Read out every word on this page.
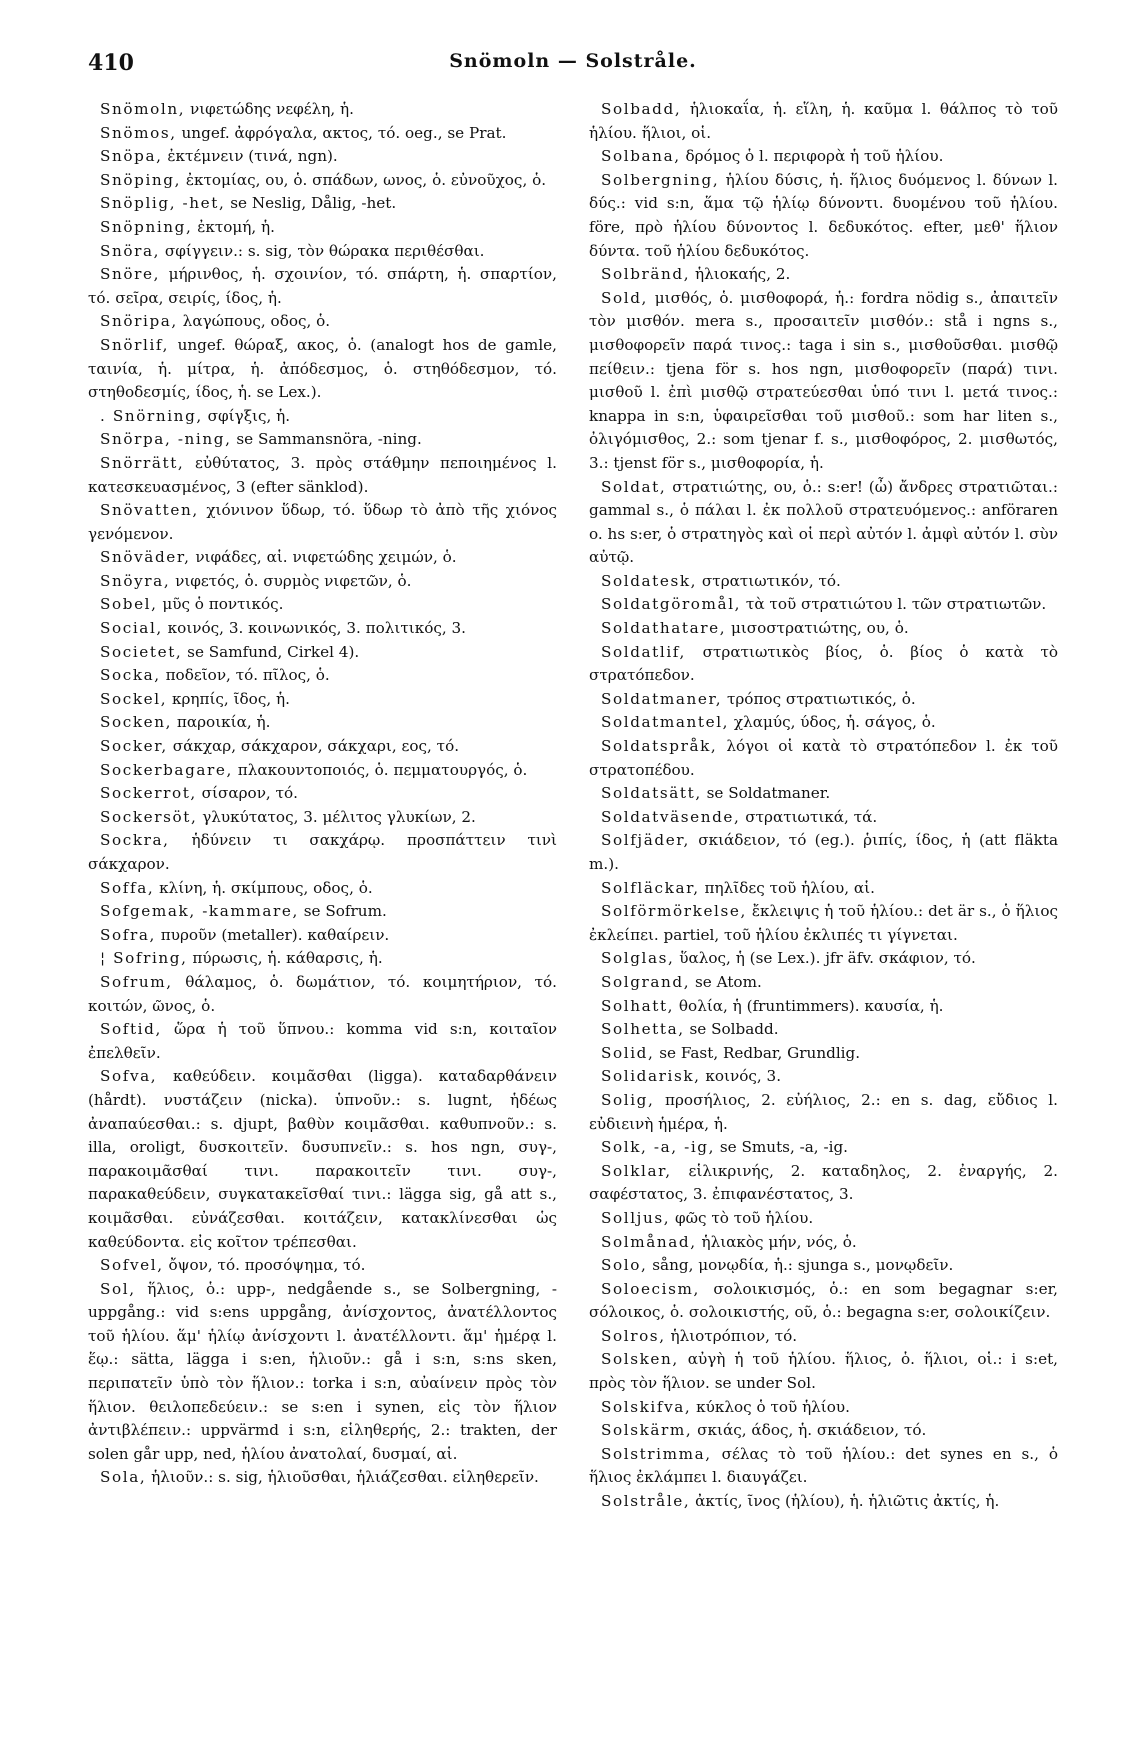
410	Snömoln — Solstråle.

Snömoln, νιφετώδης νεφέλη, ἡ.

Snömos, ungef. ἀφρόγαλα, ακτος, τό. oeg., se Prat.

Snöpa, ἐκτέμνειν (τινά, ngn).

Snöping, ἐκτομίας, ου, ὁ. σπάδων, ωνος, ὁ. εὐνοῦχος, ὁ.

Snöplig, -het, se Neslig, Dålig, -het.

Snöpning, ἐκτομή, ἡ.

Snöra, σφίγγειν.: s. sig, τὸν θώρακα περιθέσθαι.

Snöre, μήρινθος, ἡ. σχοινίον, τό. σπάρτη, ἡ. σπαρτίον, τό. σεῖρα, σειρίς, ίδος, ἡ.

Snöripa, λαγώπους, οδος, ὁ.

Snörlif, ungef. θώραξ, ακος, ὁ. (analogt hos de gamle, ταινία, ἡ. μίτρα, ἡ. ἀπόδεσμος, ὁ. στηθόδεσμον, τό. στηθοδεσμίς, ίδος, ἡ. se Lex.).

. Snörning, σφίγξις, ἡ.

Snörpa, -ning, se Sammansnöra, -ning.

Snörrätt, εὐθύτατος, 3. πρὸς στάθμην πεποιημένος l. κατεσκευασμένος, 3 (efter sänklod).

Snövatten, χιόνινον ὕδωρ, τό. ὕδωρ τὸ ἀπὸ τῆς χιόνος γενόμενον.

Snöväder, νιφάδες, αἱ. νιφετώδης χειμών, ὁ.

Snöyra, νιφετός, ὁ. συρμὸς νιφετῶν, ὁ.

Sobel, μῦς ὁ ποντικός.

Social, κοινός, 3. κοινωνικός, 3. πολιτικός, 3.

Societet, se Samfund, Cirkel 4).

Socka, ποδεῖον, τό. πῖλος, ὁ.

Sockel, κρηπίς, ῖδος, ἡ.

Socken, παροικία, ἡ.

Socker, σάκχαρ, σάκχαρον, σάκχαρι, εος, τό.

Sockerbagare, πλακουντοποιός, ὁ. πεμματουργός, ὁ.

Sockerrot, σίσαρον, τό.

Sockersöt, γλυκύτατος, 3. μέλιτος γλυκίων, 2.

Sockra, ἡδύνειν τι σακχάρῳ. προσπάττειν τινὶ σάκχαρον.

Soffa, κλίνη, ἡ. σκίμπους, οδος, ὁ.

Sofgemak, -kammare, se Sofrum.

Sofra, πυροῦν (metaller). καθαίρειν.

¦ Sofring, πύρωσις, ἡ. κάθαρσις, ἡ.

Sofrum, θάλαμος, ὁ. δωμάτιον, τό. κοιμητήριον, τό. κοιτών, ῶνος, ὁ.

Softid, ὥρα ἡ τοῦ ὕπνου.: komma vid s:n, κοιταῖον ἐπελθεῖν.

Sofva, καθεύδειν. κοιμᾶσθαι (ligga). καταδαρθάνειν (hårdt). νυστάζειν (nicka). ὑπνοῦν.: s. lugnt, ἡδέως ἀναπαύεσθαι.: s. djupt, βαθὺν κοιμᾶσθαι. καθυπνοῦν.: s. illa, oroligt, δυσκοιτεῖν. δυσυπνεῖν.: s. hos ngn, συγ-, παρακοιμᾶσθαί τινι. παρακοιτεῖν τινι. συγ-, παρακαθεύδειν, συγκατακεῖσθαί τινι.: lägga sig, gå att s., κοιμᾶσθαι. εὐνάζεσθαι. κοιτάζειν, κατακλίνεσθαι ὡς καθεύδοντα. εἰς κοῖτον τρέπεσθαι.

Sofvel, ὄψον, τό. προσόψημα, τό.

Sol, ἥλιος, ὁ.: upp-, nedgående s., se Solbergning, -uppgång.: vid s:ens uppgång, ἀνίσχοντος, ἀνατέλλοντος τοῦ ἡλίου. ἅμ' ἡλίῳ ἀνίσχοντι l. ἀνατέλλοντι. ἅμ' ἡμέρᾳ l. ἕῳ.: sätta, lägga i s:en, ἡλιοῦν.: gå i s:n, s:ns sken, περιπατεῖν ὑπὸ τὸν ἥλιον.: torka i s:n, αὐαίνειν πρὸς τὸν ἥλιον. θειλοπεδεύειν.: se s:en i synen, εἰς τὸν ἥλιον ἀντιβλέπειν.: uppvärmd i s:n, εἱληθερής, 2.: trakten, der solen går upp, ned, ἡλίου ἀνατολαί, δυσμαί, αἱ.

Sola, ἡλιοῦν.: s. sig, ἡλιοῦσθαι, ἡλιάζεσθαι. εἱληθερεῖν.

Solbadd, ἡλιοκαΐα, ἡ. εἵλη, ἡ. καῦμα l. θάλπος τὸ τοῦ ἡλίου. ἥλιοι, οἱ.

Solbana, δρόμος ὁ l. περιφορὰ ἡ τοῦ ἡλίου.

Solbergning, ἡλίου δύσις, ἡ. ἥλιος δυόμενος l. δύνων l. δύς.: vid s:n, ἅμα τῷ ἡλίῳ δύνοντι. δυομένου τοῦ ἡλίου. före, πρὸ ἡλίου δύνοντος l. δεδυκότος. efter, μεθ' ἥλιον δύντα. τοῦ ἡλίου δεδυκότος.

Solbränd, ἡλιοκαής, 2.

Sold, μισθός, ὁ. μισθοφορά, ἡ.: fordra nödig s., ἀπαιτεῖν τὸν μισθόν. mera s., προσαιτεῖν μισθόν.: stå i ngns s., μισθοφορεῖν παρά τινος.: taga i sin s., μισθοῦσθαι. μισθῷ πείθειν.: tjena för s. hos ngn, μισθοφορεῖν (παρά) τινι. μισθοῦ l. ἐπὶ μισθῷ στρατεύεσθαι ὑπό τινι l. μετά τινος.: knappa in s:n, ὑφαιρεῖσθαι τοῦ μισθοῦ.: som har liten s., ὀλιγόμισθος, 2.: som tjenar f. s., μισθοφόρος, 2. μισθωτός, 3.: tjenst för s., μισθοφορία, ἡ.

Soldat, στρατιώτης, ου, ὁ.: s:er! (ὦ) ἄνδρες στρατιῶται.: gammal s., ὁ πάλαι l. ἐκ πολλοῦ στρατευόμενος.: anföraren o. hs s:er, ὁ στρατηγὸς καὶ οἱ περὶ αὐτόν l. ἀμφὶ αὐτόν l. σὺν αὐτῷ.

Soldatesk, στρατιωτικόν, τό.

Soldatgöromål, τὰ τοῦ στρατιώτου l. τῶν στρατιωτῶν.

Soldathatare, μισοστρατιώτης, ου, ὁ.

Soldatlif, στρατιωτικὸς βίος, ὁ. βίος ὁ κατὰ τὸ στρατόπεδον.

Soldatmaner, τρόπος στρατιωτικός, ὁ.

Soldatmantel, χλαμύς, ύδος, ἡ. σάγος, ὁ.

Soldatspråk, λόγοι οἱ κατὰ τὸ στρατόπεδον l. ἐκ τοῦ στρατοπέδου.

Soldatsätt, se Soldatmaner.

Soldatväsende, στρατιωτικά, τά.

Solfjäder, σκιάδειον, τό (eg.). ῥιπίς, ίδος, ἡ (att fläkta m.).

Solfläckar, πηλῖδες τοῦ ἡλίου, αἱ.

Solförmörkelse, ἔκλειψις ἡ τοῦ ἡλίου.: det är s., ὁ ἥλιος ἐκλείπει. partiel, τοῦ ἡλίου ἐκλιπές τι γίγνεται.

Solglas, ὕαλος, ἡ (se Lex.). jfr äfv. σκάφιον, τό.

Solgrand, se Atom.

Solhatt, θολία, ἡ (fruntimmers). καυσία, ἡ.

Solhetta, se Solbadd.

Solid, se Fast, Redbar, Grundlig.

Solidarisk, κοινός, 3.

Solig, προσήλιος, 2. εὐήλιος, 2.: en s. dag, εὔδιος l. εὐδιεινὴ ἡμέρα, ἡ.

Solk, -a, -ig, se Smuts, -a, -ig.

Solklar, εἱλικρινής, 2. καταδηλος, 2. ἐναργής, 2. σαφέστατος, 3. ἐπιφανέστατος, 3.

Solljus, φῶς τὸ τοῦ ἡλίου.

Solmånad, ἡλιακὸς μήν, νός, ὁ.

Solo, sång, μονῳδία, ἡ.: sjunga s., μονῳδεῖν.

Soloecism, σολοικισμός, ὁ.: en som begagnar s:er, σόλοικος, ὁ. σολοικιστής, οῦ, ὁ.: begagna s:er, σολοικίζειν.

Solros, ἡλιοτρόπιον, τό.

Solsken, αὐγὴ ἡ τοῦ ἡλίου. ἥλιος, ὁ. ἥλιοι, οἱ.: i s:et, πρὸς τὸν ἥλιον. se under Sol.

Solskifva, κύκλος ὁ τοῦ ἡλίου.

Solskärm, σκιάς, άδος, ἡ. σκιάδειον, τό.

Solstrimma, σέλας τὸ τοῦ ἡλίου.: det synes en s., ὁ ἥλιος ἐκλάμπει l. διαυγάζει.

Solstråle, ἀκτίς, ῖνος (ἡλίου), ἡ. ἡλιῶτις ἀκτίς, ἡ.
